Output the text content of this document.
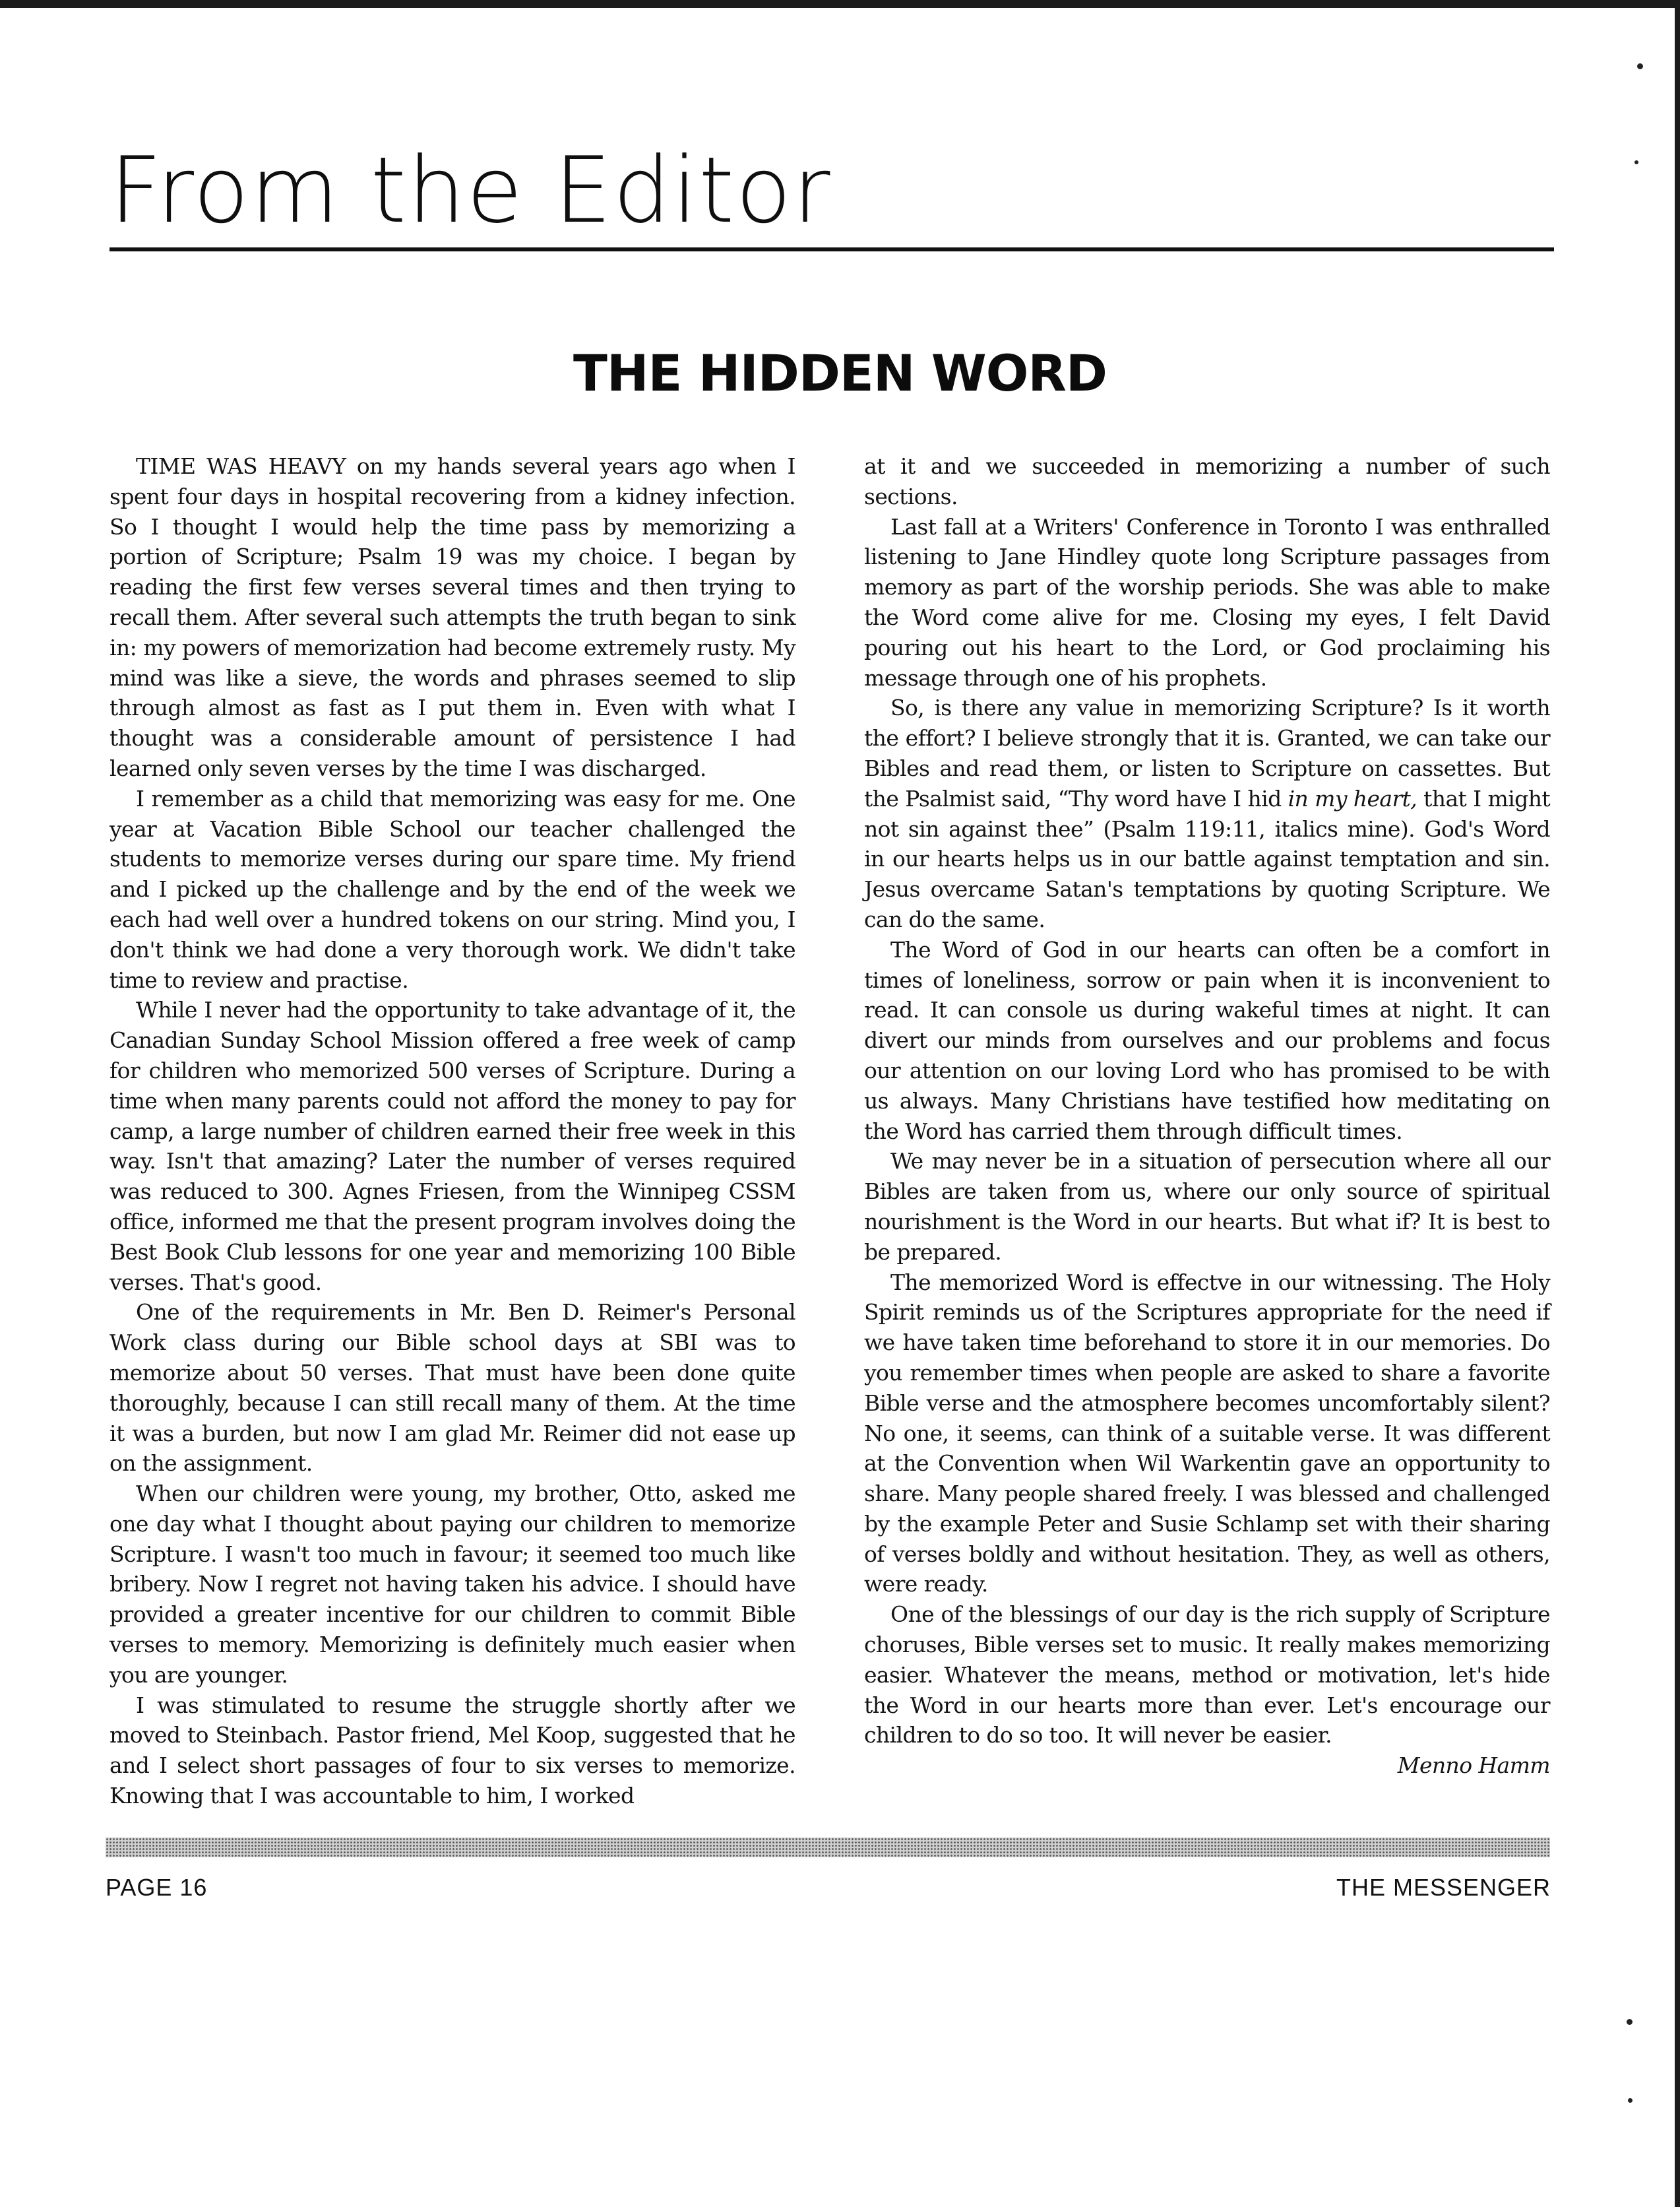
From the Editor
THE HIDDEN WORD

TIME WAS HEAVY on my hands several years ago when I spent four days in hospital recovering from a kidney infection. So I thought I would help the time pass by memorizing a portion of Scripture; Psalm 19 was my choice. I began by reading the first few verses several times and then trying to recall them. After several such attempts the truth began to sink in: my powers of memorization had become extremely rusty. My mind was like a sieve, the words and phrases seemed to slip through almost as fast as I put them in. Even with what I thought was a considerable amount of persistence I had learned only seven verses by the time I was discharged.

I remember as a child that memorizing was easy for me. One year at Vacation Bible School our teacher challenged the students to memorize verses during our spare time. My friend and I picked up the challenge and by the end of the week we each had well over a hundred tokens on our string. Mind you, I don't think we had done a very thorough work. We didn't take time to review and practise.

While I never had the opportunity to take advantage of it, the Canadian Sunday School Mission offered a free week of camp for children who memorized 500 verses of Scripture. During a time when many parents could not afford the money to pay for camp, a large number of children earned their free week in this way. Isn't that amazing? Later the number of verses required was reduced to 300. Agnes Friesen, from the Winnipeg CSSM office, informed me that the present program involves doing the Best Book Club lessons for one year and memorizing 100 Bible verses. That's good.

One of the requirements in Mr. Ben D. Reimer's Personal Work class during our Bible school days at SBI was to memorize about 50 verses. That must have been done quite thoroughly, because I can still recall many of them. At the time it was a burden, but now I am glad Mr. Reimer did not ease up on the assignment.

When our children were young, my brother, Otto, asked me one day what I thought about paying our children to memorize Scripture. I wasn't too much in favour; it seemed too much like bribery. Now I regret not having taken his advice. I should have provided a greater incentive for our children to commit Bible verses to memory. Memorizing is definitely much easier when you are younger.

I was stimulated to resume the struggle shortly after we moved to Steinbach. Pastor friend, Mel Koop, suggested that he and I select short passages of four to six verses to memorize. Knowing that I was accountable to him, I worked

at it and we succeeded in memorizing a number of such sections.

Last fall at a Writers' Conference in Toronto I was enthralled listening to Jane Hindley quote long Scripture passages from memory as part of the worship periods. She was able to make the Word come alive for me. Closing my eyes, I felt David pouring out his heart to the Lord, or God proclaiming his message through one of his prophets.

So, is there any value in memorizing Scripture? Is it worth the effort? I believe strongly that it is. Granted, we can take our Bibles and read them, or listen to Scripture on cassettes. But the Psalmist said, “Thy word have I hid in my heart, that I might not sin against thee” (Psalm 119:11, italics mine). God's Word in our hearts helps us in our battle against temptation and sin. Jesus overcame Satan's temptations by quoting Scripture. We can do the same.

The Word of God in our hearts can often be a comfort in times of loneliness, sorrow or pain when it is inconvenient to read. It can console us during wakeful times at night. It can divert our minds from ourselves and our problems and focus our attention on our loving Lord who has promised to be with us always. Many Christians have testified how meditating on the Word has carried them through difficult times.

We may never be in a situation of persecution where all our Bibles are taken from us, where our only source of spiritual nourishment is the Word in our hearts. But what if? It is best to be prepared.

The memorized Word is effectve in our witnessing. The Holy Spirit reminds us of the Scriptures appropriate for the need if we have taken time beforehand to store it in our memories. Do you remember times when people are asked to share a favorite Bible verse and the atmosphere becomes uncomfortably silent? No one, it seems, can think of a suitable verse. It was different at the Convention when Wil Warkentin gave an opportunity to share. Many people shared freely. I was blessed and challenged by the example Peter and Susie Schlamp set with their sharing of verses boldly and without hesitation. They, as well as others, were ready.

One of the blessings of our day is the rich supply of Scripture choruses, Bible verses set to music. It really makes memorizing easier. Whatever the means, method or motivation, let's hide the Word in our hearts more than ever. Let's encourage our children to do so too. It will never be easier.

Menno Hamm

PAGE 16	THE MESSENGER
